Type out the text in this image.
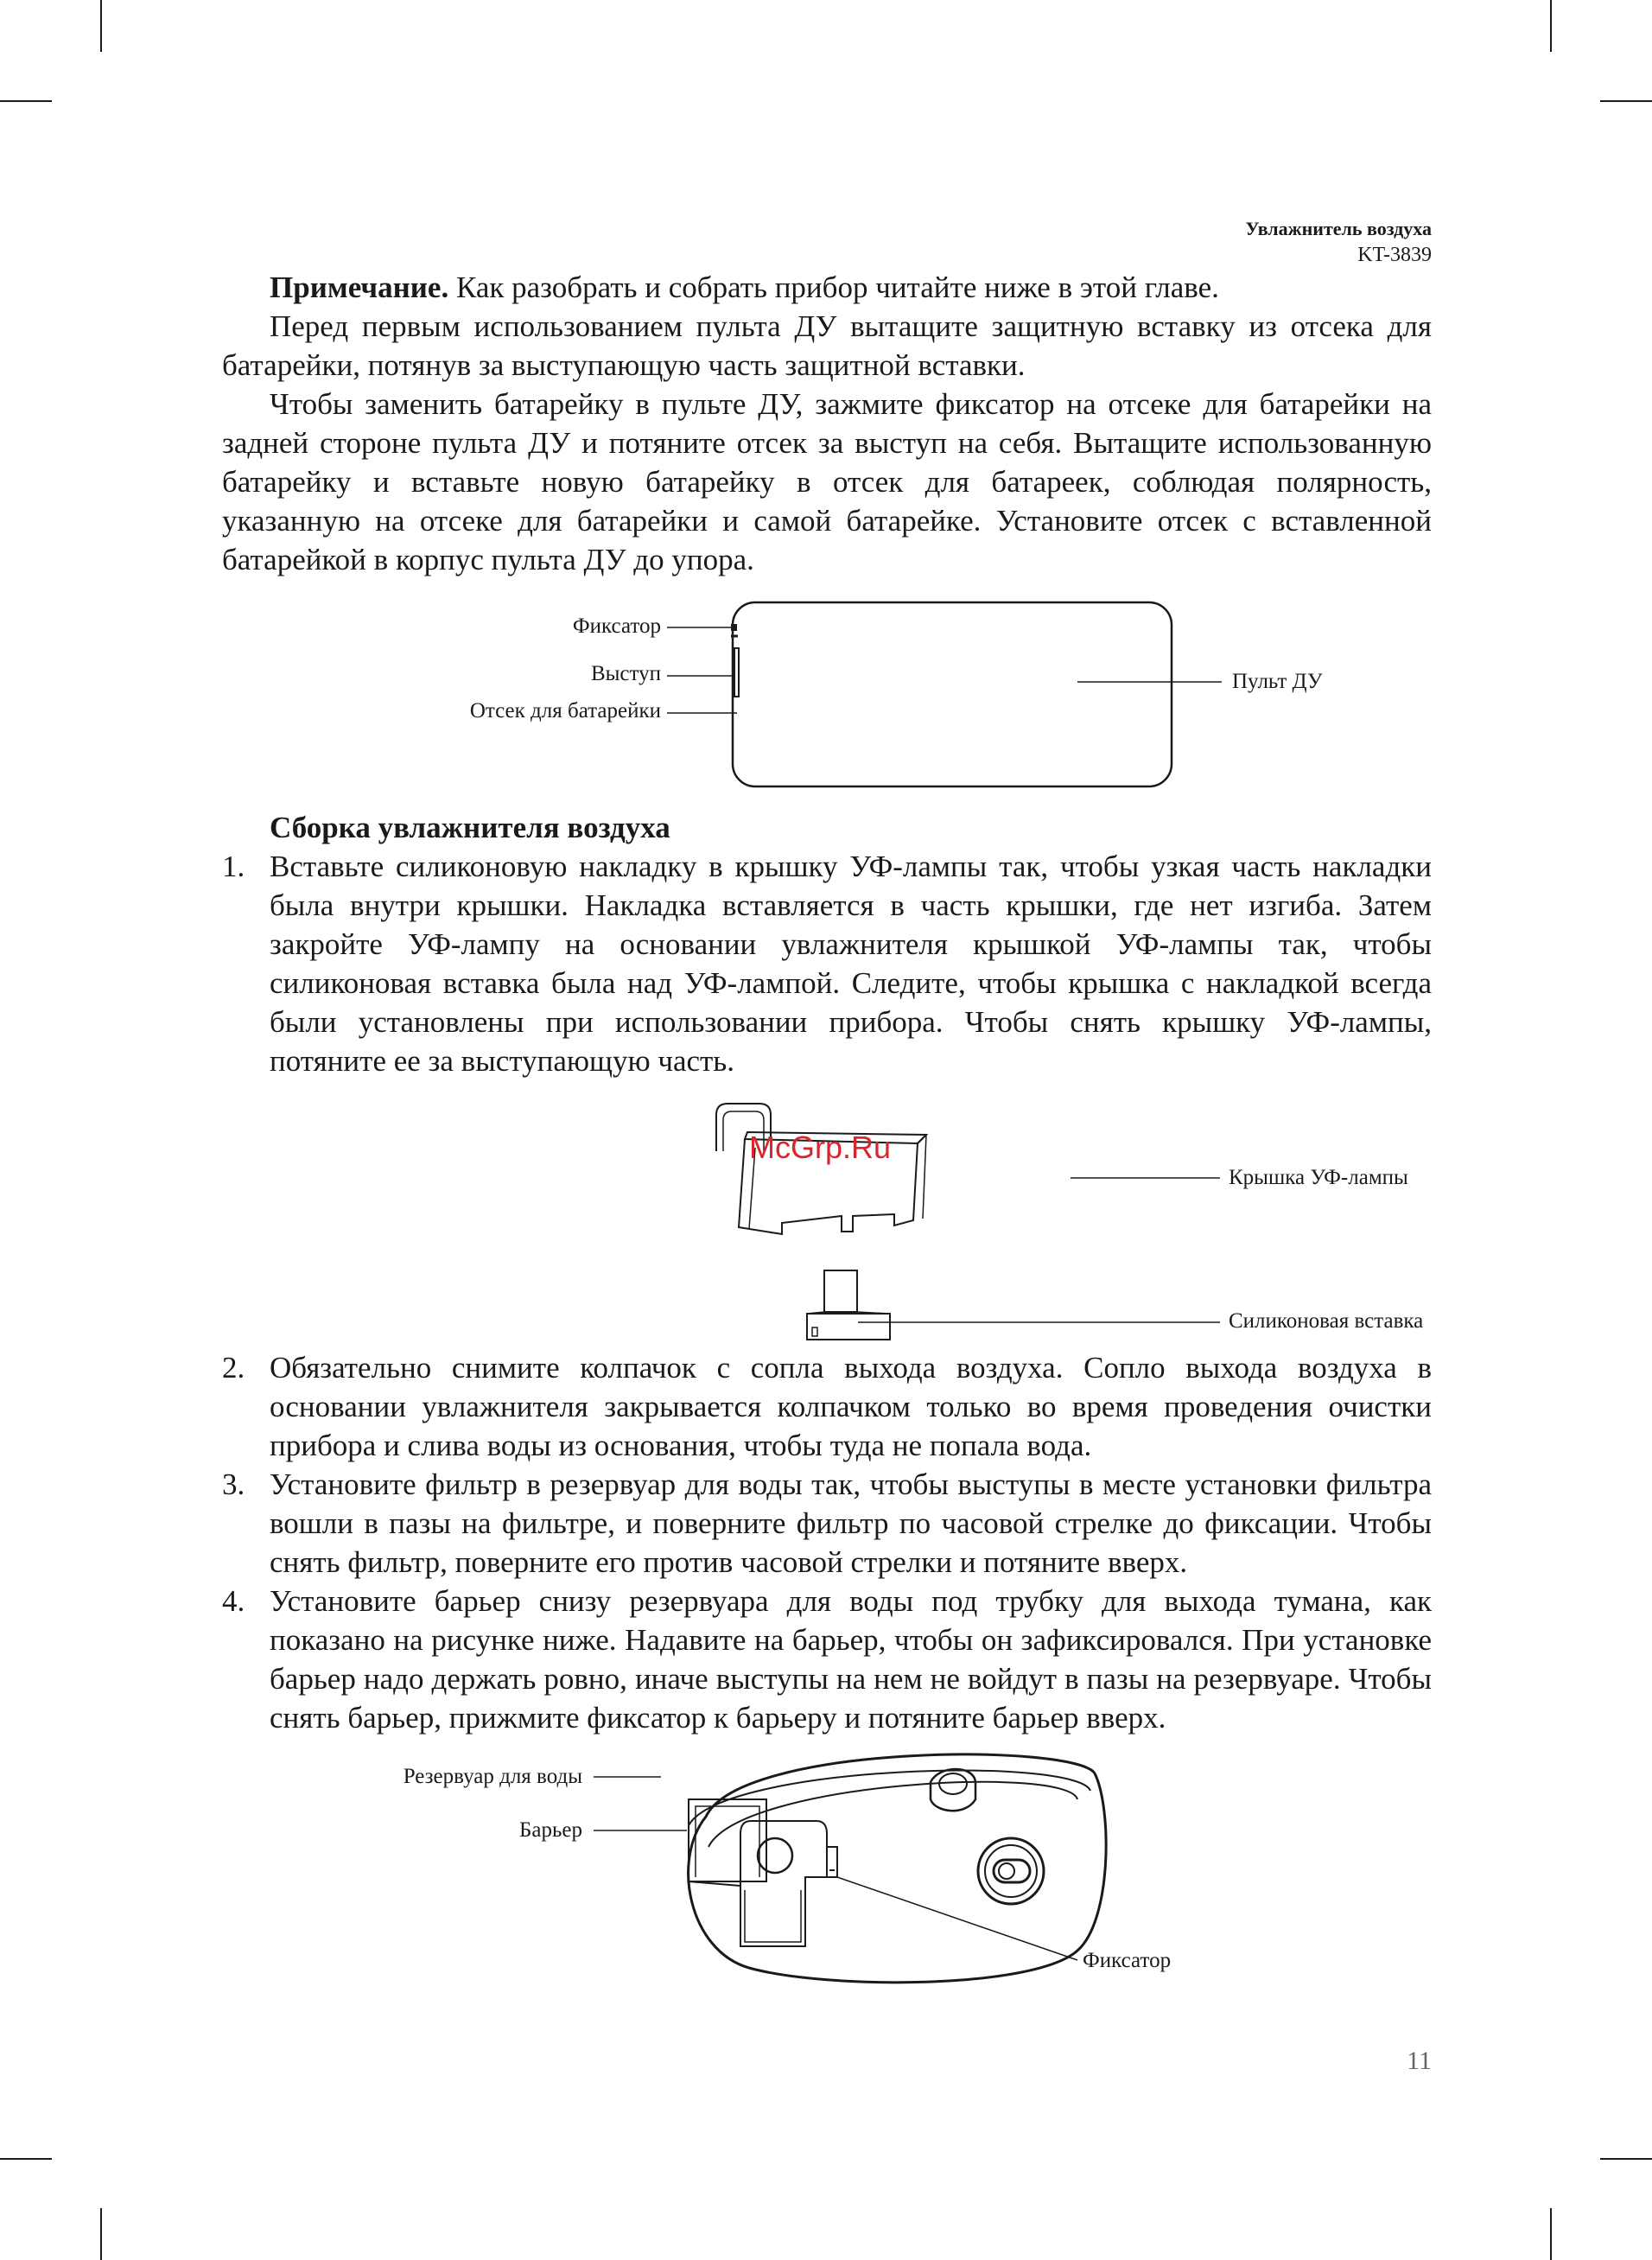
Увлажнитель воздуха
KT-3839

Примечание. Как разобрать и собрать прибор читайте ниже в этой главе.

Перед первым использованием пульта ДУ вытащите защитную вставку из отсека для батарейки, потянув за выступающую часть защитной вставки.

Чтобы заменить батарейку в пульте ДУ, зажмите фиксатор на отсеке для батарейки на задней стороне пульта ДУ и потяните отсек за выступ на себя. Вытащите использованную батарейку и вставьте новую батарейку в отсек для батареек, соблюдая полярность, указанную на отсеке для батарейки и самой батарейке. Установите отсек с вставленной батарейкой в корпус пульта ДУ до упора.

Фиксатор
Выступ
Отсек для батарейки
Пульт ДУ

Сборка увлажнителя воздуха

1. Вставьте силиконовую накладку в крышку УФ-лампы так, чтобы узкая часть накладки была внутри крышки. Накладка вставляется в часть крышки, где нет изгиба. Затем закройте УФ-лампу на основании увлажнителя крышкой УФ-лампы так, чтобы силиконовая вставка была над УФ-лампой. Следите, чтобы крышка с накладкой всегда были установлены при использовании прибора. Чтобы снять крышку УФ-лампы, потяните ее за выступающую часть.
Крышка УФ-лампы
Силиконовая вставка
McGrp.Ru
2. Обязательно снимите колпачок с сопла выхода воздуха. Сопло выхода воздуха в основании увлажнителя закрывается колпачком только во время проведения очистки прибора и слива воды из основания, чтобы туда не попала вода.
3. Установите фильтр в резервуар для воды так, чтобы выступы в месте установки фильтра вошли в пазы на фильтре, и поверните фильтр по часовой стрелке до фиксации. Чтобы снять фильтр, поверните его против часовой стрелки и потяните вверх.
4. Установите барьер снизу резервуара для воды под трубку для выхода тумана, как показано на рисунке ниже. Надавите на барьер, чтобы он зафиксировался. При установке барьер надо держать ровно, иначе выступы на нем не войдут в пазы на резервуаре. Чтобы снять барьер, прижмите фиксатор к барьеру и потяните барьер вверх.
Резервуар для воды
Барьер
Фиксатор
11
